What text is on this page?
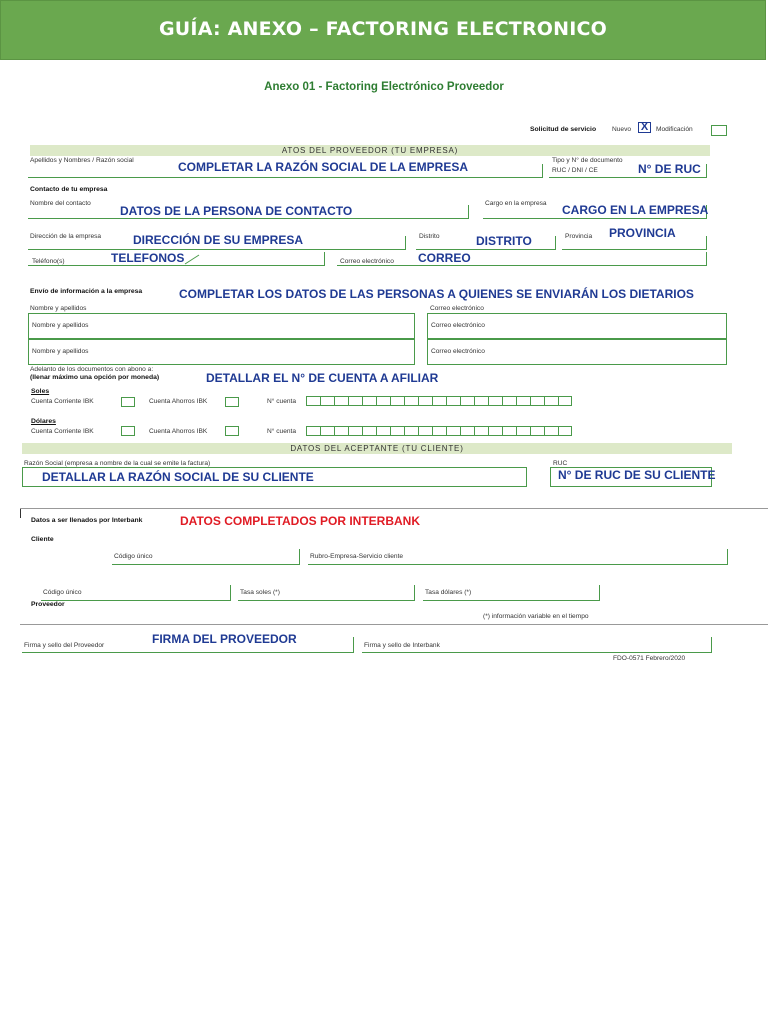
GUÍA: ANEXO – FACTORING ELECTRONICO
Anexo 01 - Factoring Electrónico Proveedor
Solicitud de servicio Nuevo X	Modificación
ATOS DEL PROVEEDOR (TU EMPRESA)
Apellidos y Nombres / Razón social	COMPLETAR LA RAZÓN SOCIAL DE LA EMPRESA	Tipo y N° de documento
RUC / DNI / CE	N° DE RUC
Contacto de tu empresa
Nombre del contacto
DATOS DE LA PERSONA DE CONTACTO
Cargo en la empresa CARGO EN LA EMPRESA
Dirección de la empresa	DIRECCIÓN DE SU EMPRESA	Distrito	DISTRITO	Provincia PROVINCIA
Teléfono(s)	TELEFONOS	Correo electrónico CORREO
Envío de información a la empresa	COMPLETAR LOS DATOS DE LAS PERSONAS A QUIENES SE ENVIARÁN LOS DIETARIOS
Nombre y apellidos	Correo electrónico
Nombre y apellidos	Correo electrónico
Nombre y apellidos	Correo electrónico
Adelanto de los documentos con abono a:
(llenar máximo una opción por moneda)	DETALLAR EL N° DE CUENTA A AFILIAR
Soles
Cuenta Corriente IBK	Cuenta Ahorros IBK	N° cuenta
Dólares
Cuenta Corriente IBK	Cuenta Ahorros IBK	N° cuenta
DATOS DEL ACEPTANTE (TU CLIENTE)
Razón Social (empresa a nombre de la cual se emite la factura)
DETALLAR LA RAZÓN SOCIAL DE SU CLIENTE
RUC
N° DE RUC DE SU CLIENTE
Datos a ser llenados por Interbank	DATOS COMPLETADOS POR INTERBANK
Cliente
Código único	Rubro-Empresa-Servicio cliente
Código único	Tasa soles (*)	Tasa dólares (*)
Proveedor
(*) información variable en el tiempo
Firma y sello del Proveedor	FIRMA DEL PROVEEDOR	Firma y sello de Interbank
FDO-0571 Febrero/2020
